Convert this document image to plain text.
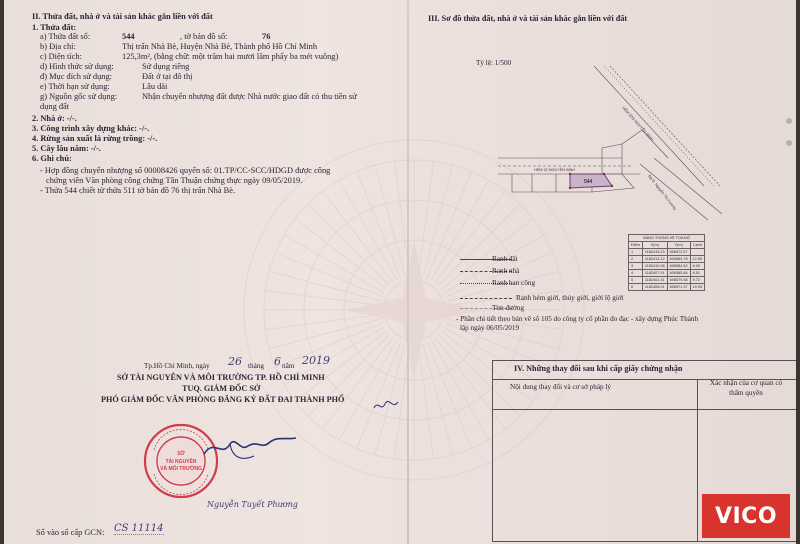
II. Thửa đất, nhà ở và tài sản khác gắn liền với đất
1. Thửa đất:
a) Thửa đất số:	544	, tờ bản đồ số:	76
b) Địa chỉ:	Thị trấn Nhà Bè, Huyện Nhà Bè, Thành phố Hồ Chí Minh
c) Diện tích:	125,3m², (bằng chữ: một trăm hai mươi lăm phẩy ba mét vuông)
d) Hình thức sử dụng:	Sử dụng riêng
đ) Mục đích sử dụng:	Đất ở tại đô thị
e) Thời hạn sử dụng:	Lâu dài
g) Nguồn gốc sử dụng:	Nhận chuyển nhượng đất được Nhà nước giao đất có thu tiền sử
dụng đất
2. Nhà ở: -/-.
3. Công trình xây dựng khác: -/-.
4. Rừng sản xuất là rừng trồng: -/-.
5. Cây lâu năm: -/-.
6. Ghi chú:
- Hợp đồng chuyển nhượng số 00008426 quyển số: 01.TP/CC-SCC/HDGD được công
chứng viên Văn phòng công chứng Tân Thuận chứng thực ngày 09/05/2019.
- Thửa 544 chiết từ thửa 511 tờ bản đồ 76 thị trấn Nhà Bè.
Tp.Hồ Chí Minh, ngày 26 tháng 6 năm 2019
SỞ TÀI NGUYÊN VÀ MÔI TRƯỜNG TP. HỒ CHÍ MINH
TUQ. GIÁM ĐỐC SỞ
PHÓ GIÁM ĐỐC VĂN PHÒNG ĐĂNG KÝ ĐẤT ĐAI THÀNH PHỐ
SỞ
TÀI NGUYÊN
VÀ MÔI TRƯỜNG
Nguyễn Tuyết Phương
Số vào sổ cấp GCN: CS 11114
III. Sơ đồ thửa đất, nhà ở và tài sản khác gắn liền với đất
Tỷ lệ: 1/500
HẺM 32 NGUYỄN BÌNH
Đg D. Nguyễn Thị Hương
HẺM 32/3 NGUYỄN BÌNH
544
BẢNG THỐNG KÊ TỌA ĐỘ			
Điểm	X(m)	Y(m)	Cạnh
1	1182415.23	606572.57	
2	1182413.12	606584.78	12.80
3	1182410.08	606584.52	8.00
4	1182407.91	606585.84	6.51
5	1182401.31	606579.38	9.72
6	1182408.01	606571.37	10.95
Ranh đất
Ranh nhà
Ranh ban công
Ranh hẻm giới, thủy giới, giới lộ giới
Tim đường
- Phần chi tiết theo bản vẽ số 105 do công ty cổ phần đo đạc - xây dựng Phúc Thành
lập ngày 06/05/2019
IV. Những thay đổi sau khi cấp giấy chứng nhận
Nội dung thay đổi và cơ sở pháp lý	Xác nhận của cơ quan có thẩm quyền
VICO
